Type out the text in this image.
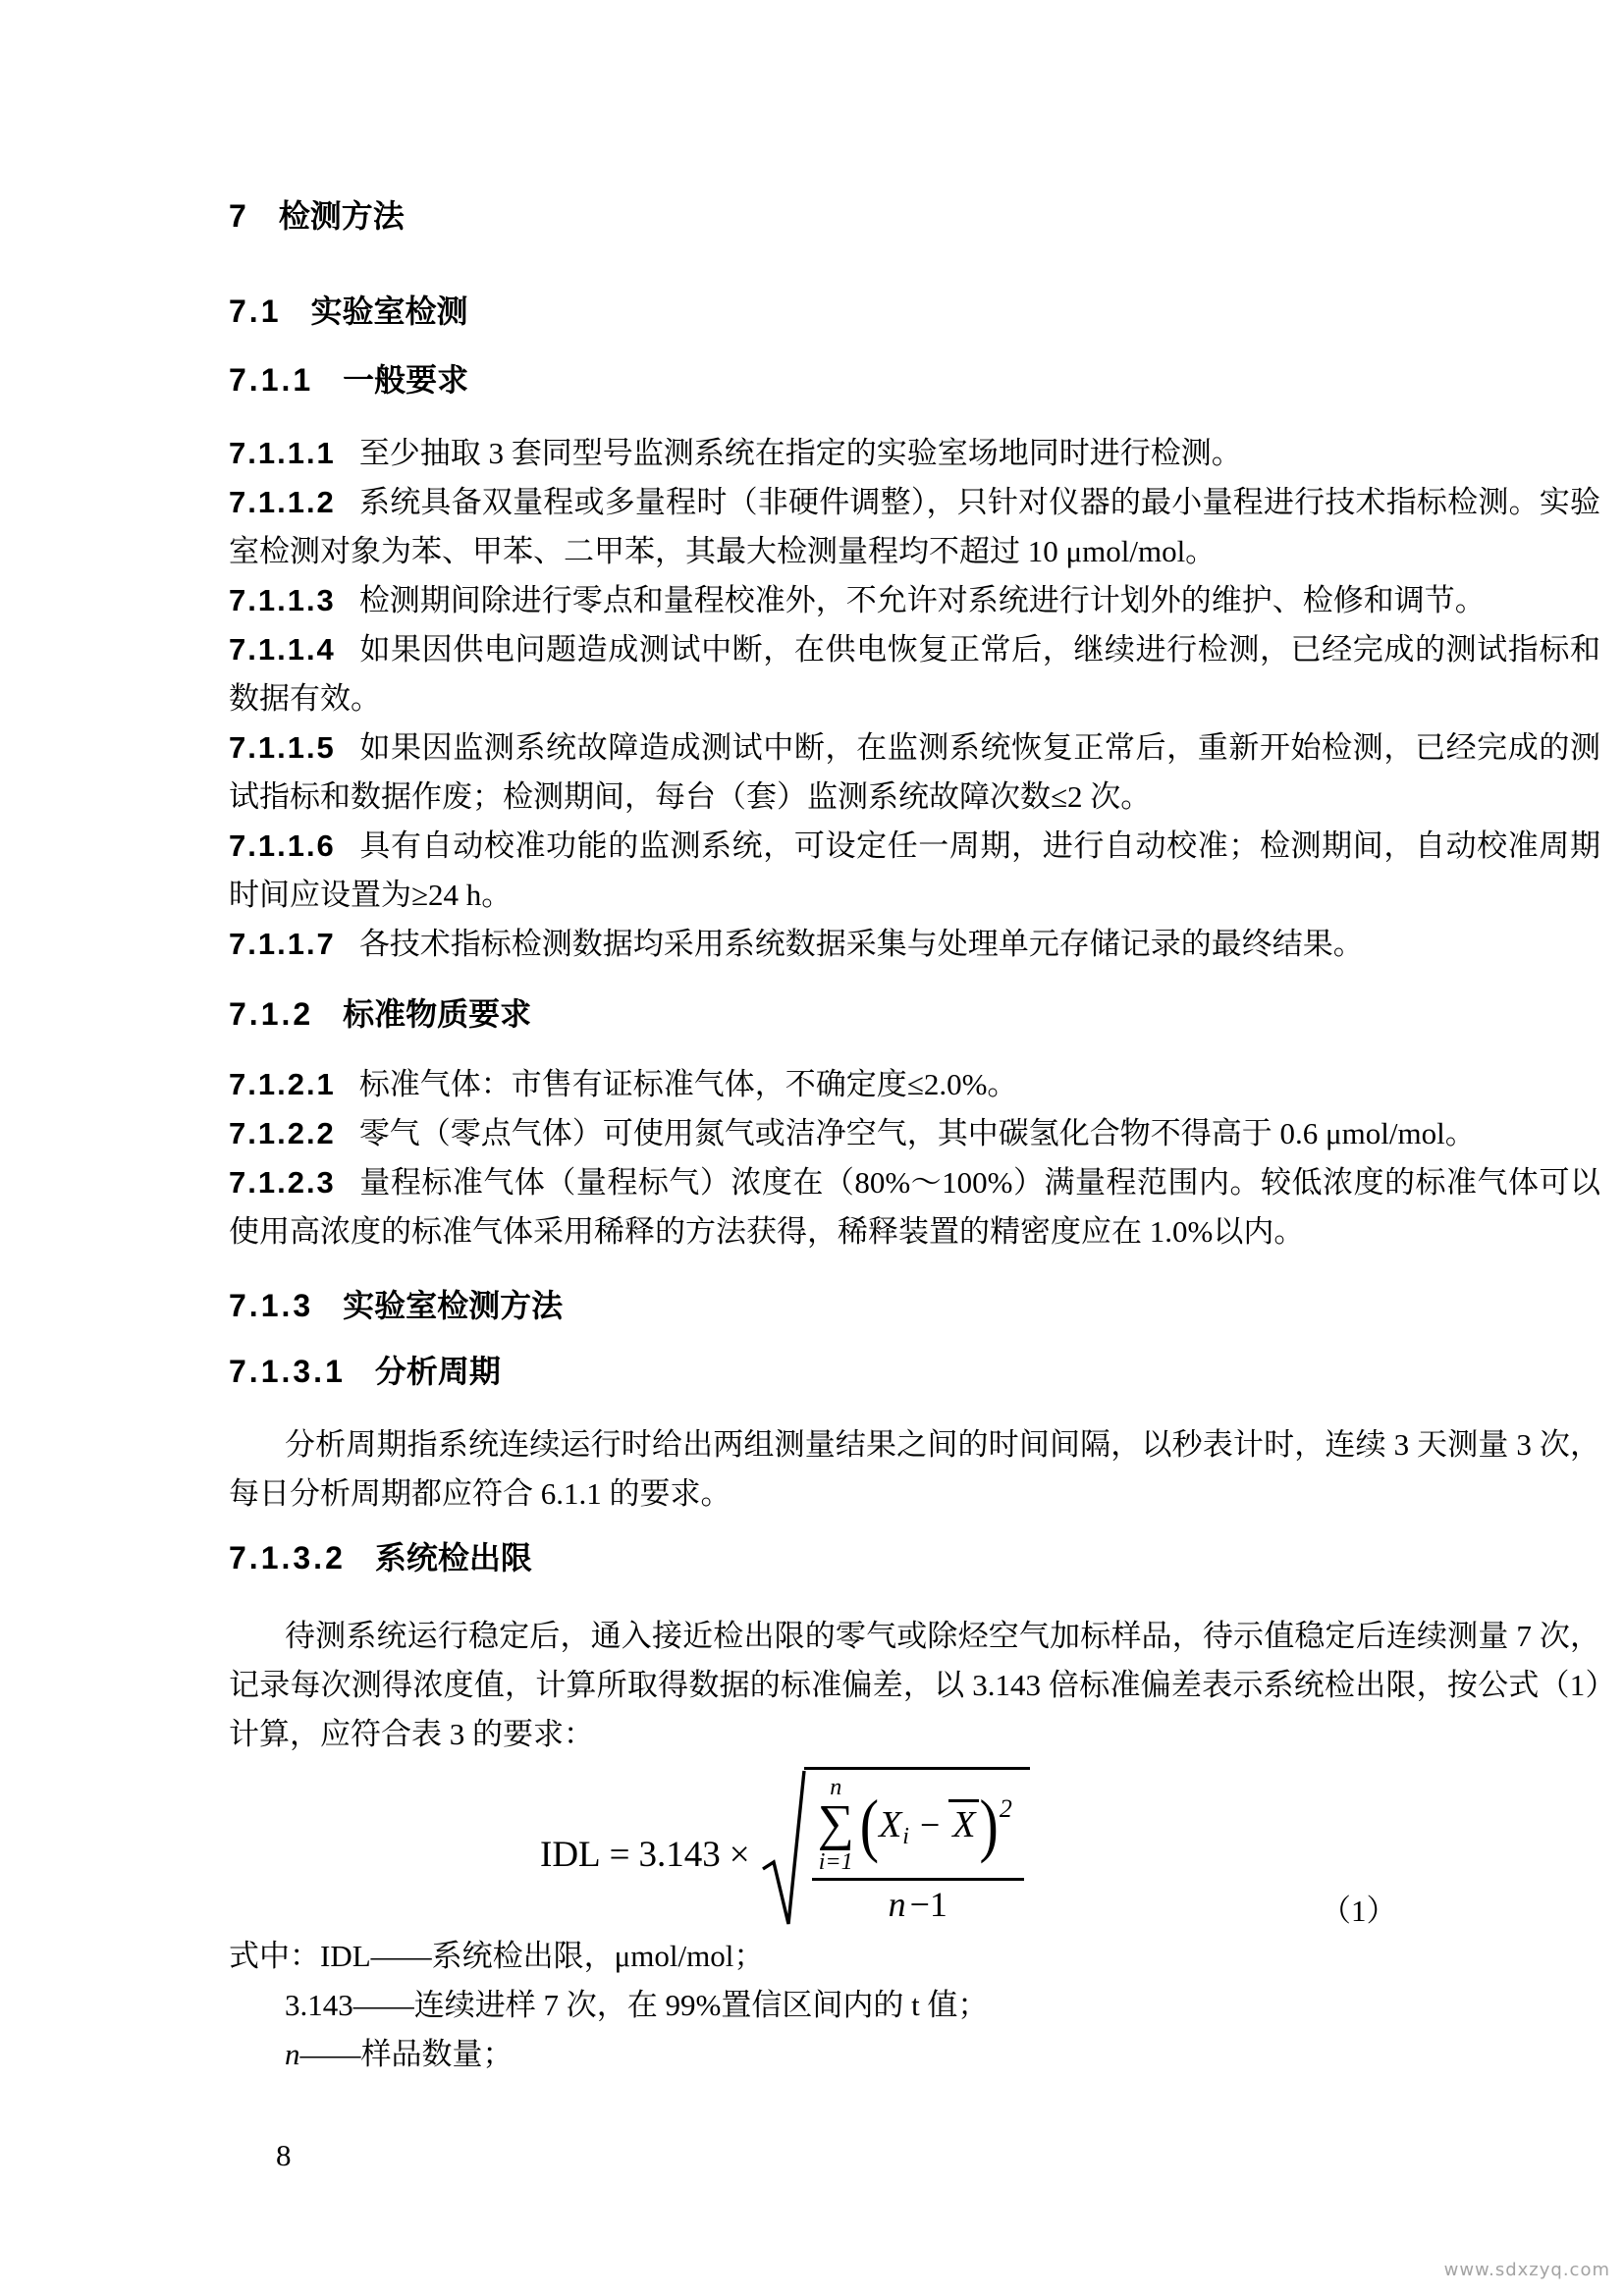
7 检测方法
7.1 实验室检测
7.1.1 一般要求
7.1.1.1 至少抽取 3 套同型号监测系统在指定的实验室场地同时进行检测。
7.1.1.2 系统具备双量程或多量程时（非硬件调整），只针对仪器的最小量程进行技术指标检测。实验室检测对象为苯、甲苯、二甲苯，其最大检测量程均不超过 10 μmol/mol。
7.1.1.3 检测期间除进行零点和量程校准外，不允许对系统进行计划外的维护、检修和调节。
7.1.1.4 如果因供电问题造成测试中断，在供电恢复正常后，继续进行检测，已经完成的测试指标和数据有效。
7.1.1.5 如果因监测系统故障造成测试中断，在监测系统恢复正常后，重新开始检测，已经完成的测试指标和数据作废；检测期间，每台（套）监测系统故障次数≤2 次。
7.1.1.6 具有自动校准功能的监测系统，可设定任一周期，进行自动校准；检测期间，自动校准周期时间应设置为≥24 h。
7.1.1.7 各技术指标检测数据均采用系统数据采集与处理单元存储记录的最终结果。
7.1.2 标准物质要求
7.1.2.1 标准气体：市售有证标准气体，不确定度≤2.0%。
7.1.2.2 零气（零点气体）可使用氮气或洁净空气，其中碳氢化合物不得高于 0.6 μmol/mol。
7.1.2.3 量程标准气体（量程标气）浓度在（80%～100%）满量程范围内。较低浓度的标准气体可以使用高浓度的标准气体采用稀释的方法获得，稀释装置的精密度应在 1.0%以内。
7.1.3 实验室检测方法
7.1.3.1 分析周期
分析周期指系统连续运行时给出两组测量结果之间的时间间隔，以秒表计时，连续 3 天测量 3 次，每日分析周期都应符合 6.1.1 的要求。
7.1.3.2 系统检出限
待测系统运行稳定后，通入接近检出限的零气或除烃空气加标样品，待示值稳定后连续测量 7 次，记录每次测得浓度值，计算所取得数据的标准偏差，以 3.143 倍标准偏差表示系统检出限，按公式（1）计算，应符合表 3 的要求：
IDL = 3.143 ×
n
∑
i=1 ( X i − X ) 2
n −1	（1）
式中：IDL——系统检出限，μmol/mol；
3.143——连续进样 7 次，在 99%置信区间内的 t 值；
n——样品数量；
8
www.sdxzyq.com
